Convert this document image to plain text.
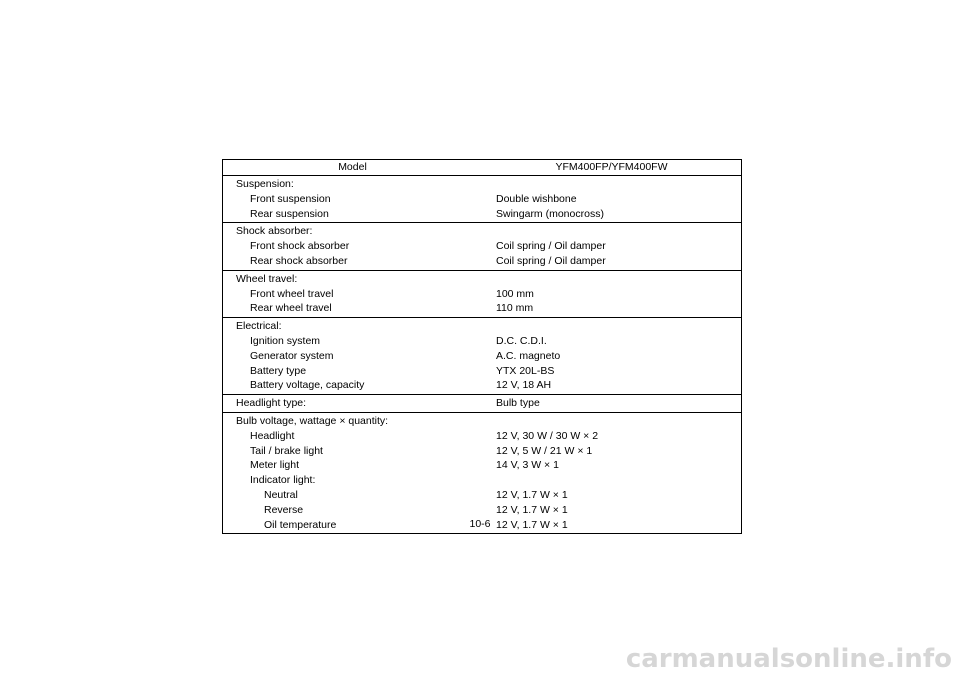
Model	YFM400FP/YFM400FW
Suspension:
Front suspension	Double wishbone
Rear suspension	Swingarm (monocross)
Shock absorber:
Front shock absorber	Coil spring / Oil damper
Rear shock absorber	Coil spring / Oil damper
Wheel travel:
Front wheel travel	100 mm
Rear wheel travel	110 mm
Electrical:
Ignition system	D.C. C.D.I.
Generator system	A.C. magneto
Battery type	YTX 20L-BS
Battery voltage, capacity	12 V, 18 AH
Headlight type:	Bulb type
Bulb voltage, wattage × quantity:
Headlight	12 V, 30 W / 30 W × 2
Tail / brake light	12 V, 5 W / 21 W × 1
Meter light	14 V, 3 W × 1
Indicator light:
Neutral	12 V, 1.7 W × 1
Reverse	12 V, 1.7 W × 1
Oil temperature	12 V, 1.7 W × 1
10-6
carmanualsonline.info
